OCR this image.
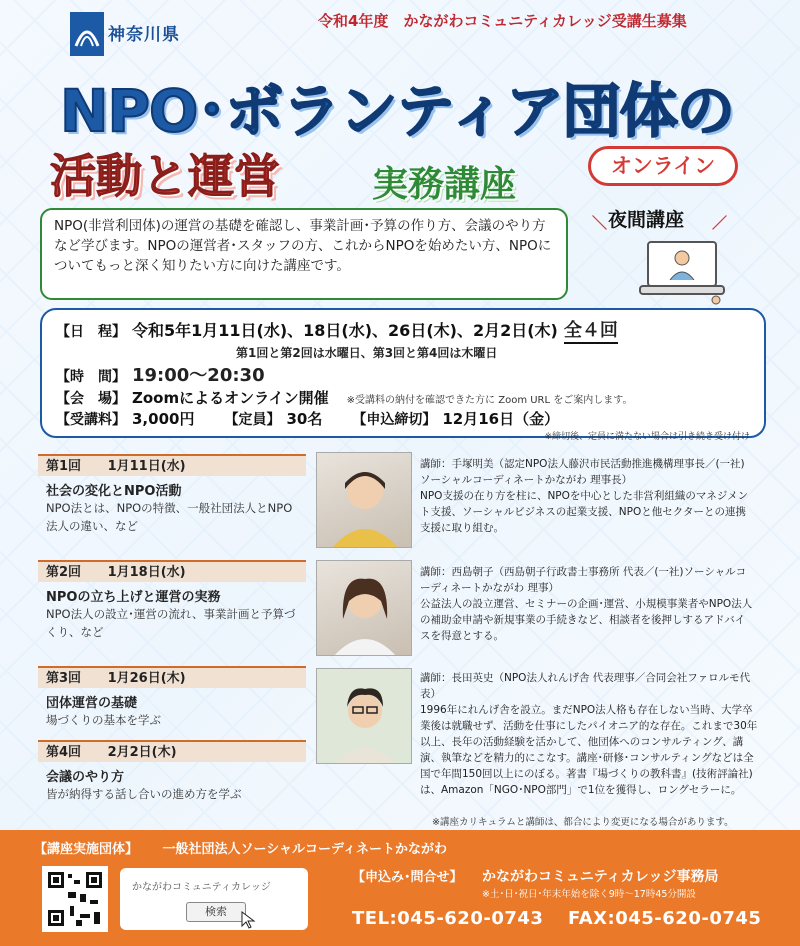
神奈川県
令和4年度　かながわコミュニティカレッジ受講生募集
NPO･ボランティア団体の
活動と運営	実務講座	オンライン
＼ 夜間講座 ／
NPO(非営利団体)の運営の基礎を確認し、事業計画･予算の作り方、会議のやり方など学びます。NPOの運営者･スタッフの方、これからNPOを始めたい方、NPOについてもっと深く知りたい方に向けた講座です。
【日　程】 令和5年1月11日(水)、18日(水)、26日(木)、2月2日(木) 全４回
第1回と第2回は水曜日、第3回と第4回は木曜日
【時　間】 19:00〜20:30
【会　場】 Zoomによるオンライン開催 ※受講料の納付を確認できた方に Zoom URL をご案内します。
【受講料】 3,000円 【定員】 30名 【申込締切】 12月16日（金）
※締切後、定員に満たない場合は引き続き受け付け
第1回 1月11日(水)
社会の変化とNPO活動
NPO法とは、NPOの特徴、一般社団法人とNPO法人の違い、など
講師：手塚明美（認定NPO法人藤沢市民活動推進機構理事長／(一社)ソーシャルコーディネートかながわ 理事長）
NPO支援の在り方を柱に、NPOを中心とした非営利組織のマネジメント支援、ソーシャルビジネスの起業支援、NPOと他セクターとの連携支援に取り組む。
第2回 1月18日(水)
NPOの立ち上げと運営の実務
NPO法人の設立･運営の流れ、事業計画と予算づくり、など
講師：西島朝子（西島朝子行政書士事務所 代表／(一社)ソーシャルコーディネートかながわ 理事）
公益法人の設立運営、セミナーの企画･運営、小規模事業者やNPO法人の補助金申請や新規事業の手続きなど、相談者を後押しするアドバイスを得意とする。
第3回 1月26日(木)
団体運営の基礎
場づくりの基本を学ぶ
第4回 2月2日(木)
会議のやり方
皆が納得する話し合いの進め方を学ぶ
講師：長田英史（NPO法人れんげ舎 代表理事／合同会社ファロルモ代表）
1996年にれんげ舎を設立。まだNPO法人格も存在しない当時、大学卒業後は就職せず、活動を仕事にしたパイオニア的な存在。これまで30年以上、長年の活動経験を活かして、他団体へのコンサルティング、講演、執筆などを精力的にこなす。講座･研修･コンサルティングなどは全国で年間150回以上にのぼる。著書『場づくりの教科書』(技術評論社)は、Amazon「NGO･NPO部門」で1位を獲得し、ロングセラーに。
※講座カリキュラムと講師は、都合により変更になる場合があります。
【講座実施団体】 一般社団法人ソーシャルコーディネートかながわ
かながわコミュニティカレッジ
検索
【申込み･問合せ】 かながわコミュニティカレッジ事務局
※土･日･祝日･年末年始を除く9時～17時45分開設
TEL:045-620-0743 FAX:045-620-0745
